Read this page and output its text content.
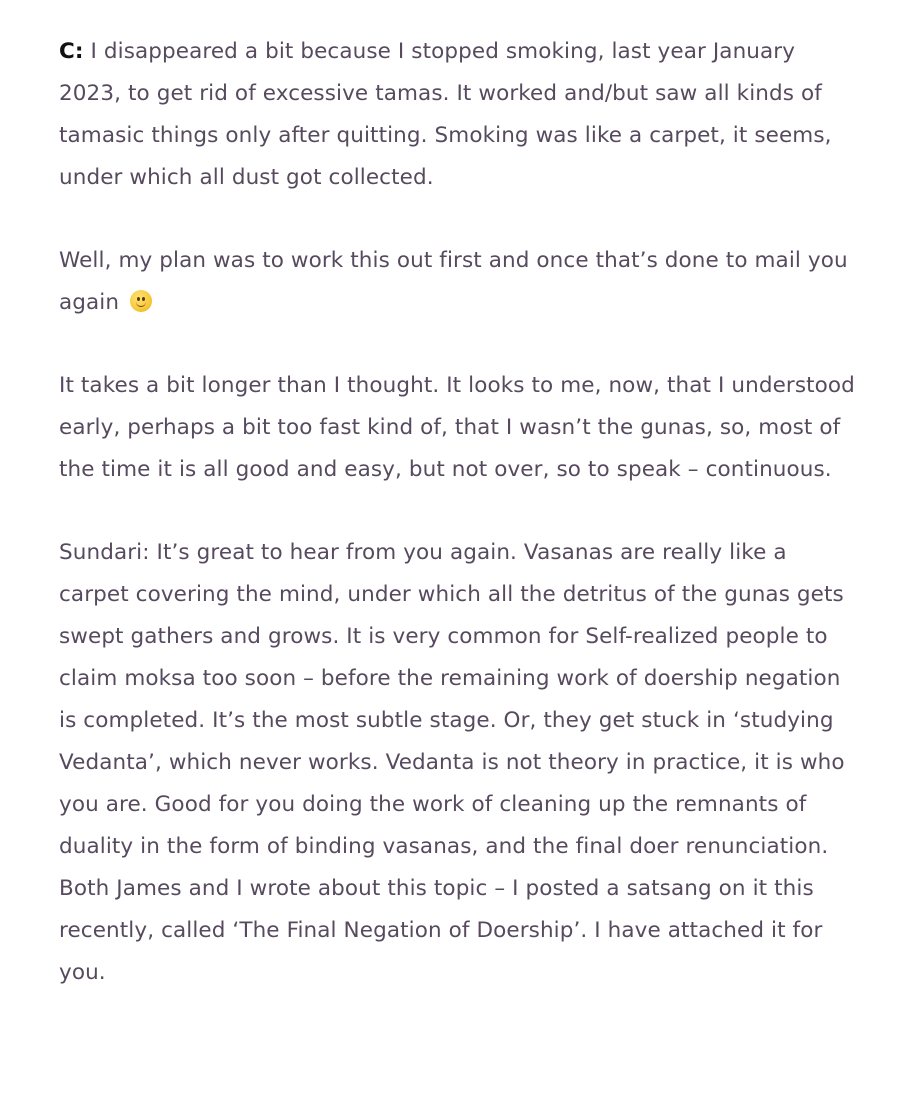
C: I disappeared a bit because I stopped smoking, last year January 2023, to get rid of excessive tamas. It worked and/but saw all kinds of tamasic things only after quitting. Smoking was like a carpet, it seems, under which all dust got collected.

Well, my plan was to work this out first and once that’s done to mail you again

It takes a bit longer than I thought. It looks to me, now, that I understood early, perhaps a bit too fast kind of, that I wasn’t the gunas, so, most of the time it is all good and easy, but not over, so to speak – continuous.

Sundari: It’s great to hear from you again. Vasanas are really like a carpet covering the mind, under which all the detritus of the gunas gets swept gathers and grows. It is very common for Self-realized people to claim moksa too soon – before the remaining work of doership negation is completed. It’s the most subtle stage. Or, they get stuck in ‘studying Vedanta’, which never works. Vedanta is not theory in practice, it is who you are. Good for you doing the work of cleaning up the remnants of duality in the form of binding vasanas, and the final doer renunciation. Both James and I wrote about this topic – I posted a satsang on it this recently, called ‘The Final Negation of Doership’. I have attached it for you.
